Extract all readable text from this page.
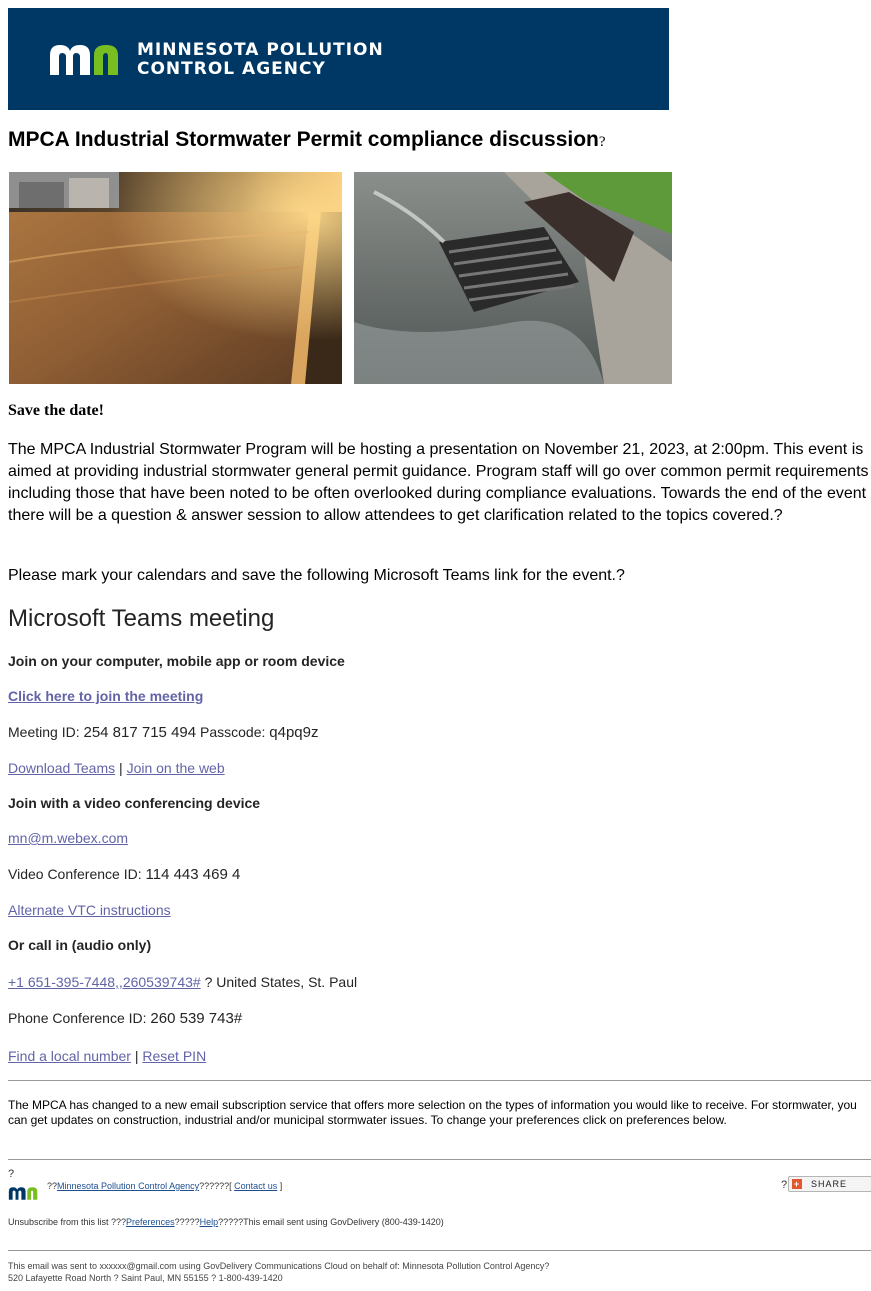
MINNESOTA POLLUTION
CONTROL AGENCY

MPCA Industrial Stormwater Permit compliance discussion?
Save the date!

The MPCA Industrial Stormwater Program will be hosting a presentation on November 21, 2023, at 2:00pm. This event is aimed at providing industrial stormwater general permit guidance. Program staff will go over common permit requirements including those that have been noted to be often overlooked during compliance evaluations. Towards the end of the event there will be a question & answer session to allow attendees to get clarification related to the topics covered.?

Please mark your calendars and save the following Microsoft Teams link for the event.?

Microsoft Teams meeting

Join on your computer, mobile app or room device

Click here to join the meeting

Meeting ID: 254 817 715 494 Passcode: q4pq9z

Download Teams | Join on the web

Join with a video conferencing device

mn@m.webex.com

Video Conference ID: 114 443 469 4

Alternate VTC instructions

Or call in (audio only)

+1 651-395-7448,,260539743# ? United States, St. Paul

Phone Conference ID: 260 539 743#

Find a local number | Reset PIN

The MPCA has changed to a new email subscription service that offers more selection on the types of information you would like to receive. For stormwater, you can get updates on construction, industrial and/or municipal stormwater issues. To change your preferences click on preferences below.

?

??Minnesota Pollution Control Agency??????[ Contact us ]	? + SHARE

Unsubscribe from this list ???Preferences?????Help?????This email sent using GovDelivery (800-439-1420)

This email was sent to xxxxxx@gmail.com using GovDelivery Communications Cloud on behalf of: Minnesota Pollution Control Agency?
520 Lafayette Road North ? Saint Paul, MN 55155 ? 1-800-439-1420
